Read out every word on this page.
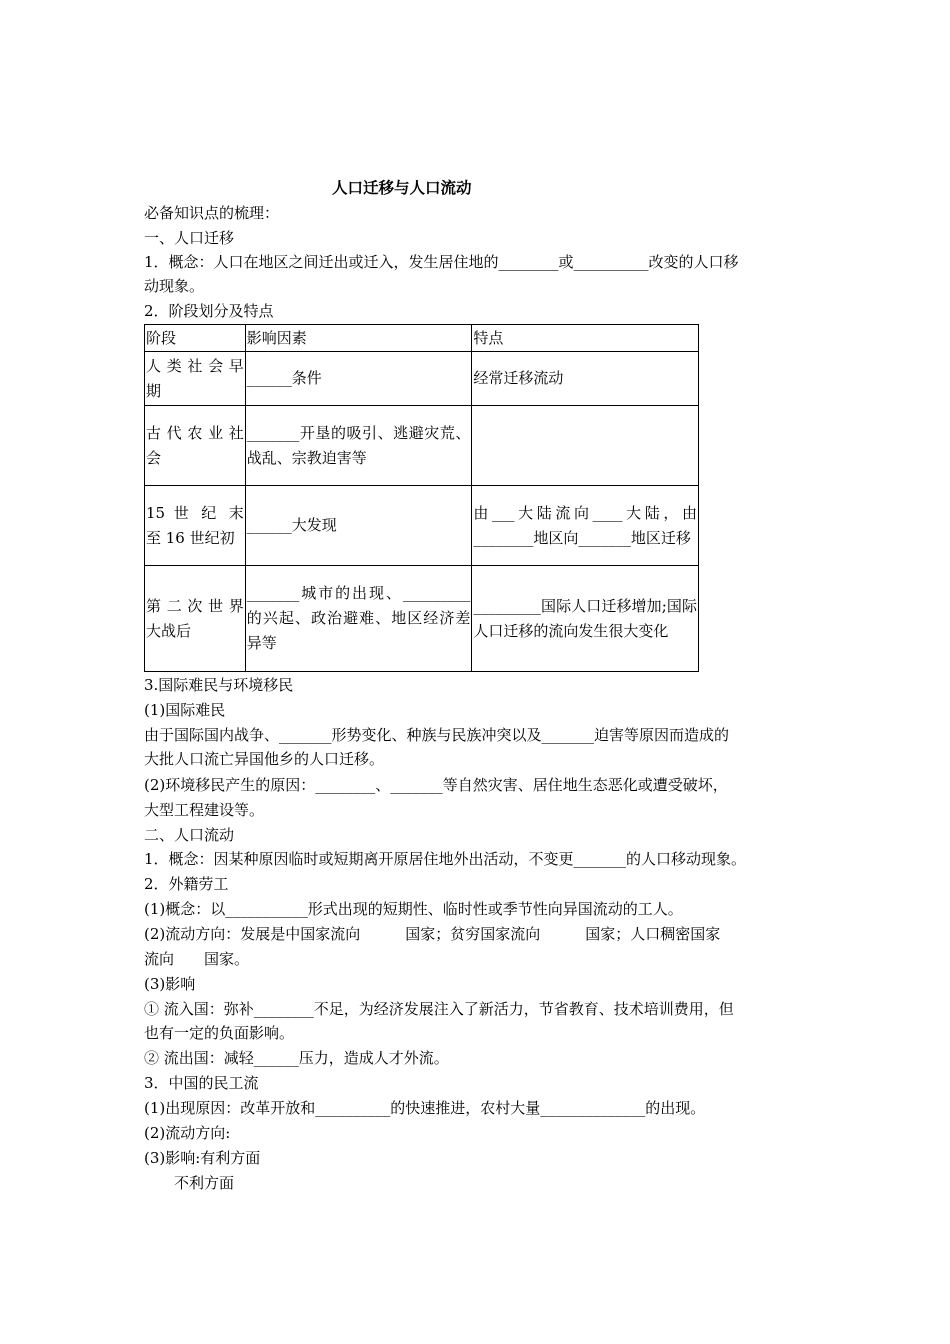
人口迁移与人口流动
必备知识点的梳理：
一、人口迁移
1．概念：人口在地区之间迁出或迁入，发生居住地的________或__________改变的人口移
动现象。
2．阶段划分及特点
阶段	影响因素	特点
人 类 社 会 早 期	______条件	经常迁移流动
古 代 农 业 社 会	_______开垦的吸引、逃避灾荒、战乱、宗教迫害等	
15 世 纪 末 至 16 世纪初	______大发现	由___大陆流向____大陆，由________地区向_______地区迁移
第 二 次 世 界 大战后	_______城市的出现、_________的兴起、政治避难、地区经济差异等	_________国际人口迁移增加;国际人口迁移的流向发生很大变化
3.国际难民与环境移民
(1)国际难民
由于国际国内战争、_______形势变化、种族与民族冲突以及_______迫害等原因而造成的
大批人口流亡异国他乡的人口迁移。
(2)环境移民产生的原因：________、_______等自然灾害、居住地生态恶化或遭受破坏，
大型工程建设等。
二、人口流动
1．概念：因某种原因临时或短期离开原居住地外出活动，不变更_______的人口移动现象。
2．外籍劳工
(1)概念：以___________形式出现的短期性、临时性或季节性向异国流动的工人。
(2)流动方向：发展是中国家流向　　　国家；贫穷国家流向　　　国家；人口稠密国家
流向　　国家。
(3)影响
① 流入国：弥补________不足，为经济发展注入了新活力，节省教育、技术培训费用，但
也有一定的负面影响。
② 流出国：减轻______压力，造成人才外流。
3．中国的民工流
(1)出现原因：改革开放和__________的快速推进，农村大量______________的出现。
(2)流动方向:
(3)影响:有利方面
不利方面
